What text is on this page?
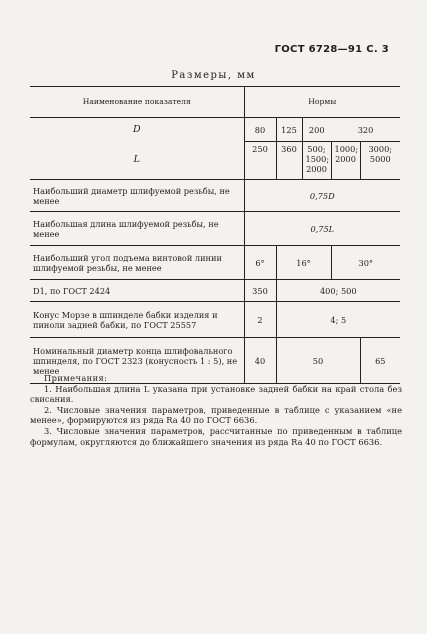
ГОСТ 6728—91 С. 3
Размеры, мм
Наименование показателя	Нормы				
D	80	125	200	320	
L	250	360	500; 1500; 2000	1000; 2000	3000; 5000
Наибольший диаметр шлифуемой резьбы, не менее	0,75D				
Наибольшая длина шлифуемой резьбы, не менее	0,75L				
Наибольший угол подъема винтовой линии шлифуемой резьбы, не менее	6°	16°		30°	
D1, по ГОСТ 2424	350	400; 500			
Конус Морзе в шпинделе бабки изделия и пиноли задней бабки, по ГОСТ 25557	2	4; 5			
Номинальный диаметр конца шлифовального шпинделя, по ГОСТ 2323 (конусность 1 : 5), не менее	40	50			65
Примечания:
1. Наибольшая длина L указана при установке задней бабки на край стола без свисания.
2. Числовые значения параметров, приведенные в таблице с указанием «не менее», формируются из ряда Ra 40 по ГОСТ 6636.
3. Числовые значения параметров, рассчитанные по приведенным в таблице формулам, округляются до ближайшего значения из ряда Ra 40 по ГОСТ 6636.
